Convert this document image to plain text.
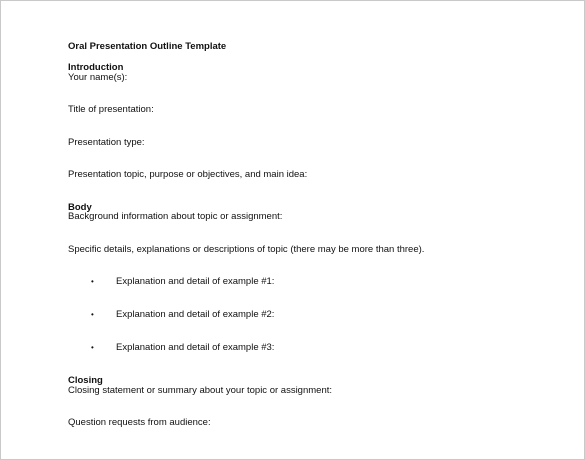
Oral Presentation Outline Template
Introduction
Your name(s):
Title of presentation:
Presentation type:
Presentation topic, purpose or objectives, and main idea:
Body
Background information about topic or assignment:
Specific details, explanations or descriptions of topic (there may be more than three).
• Explanation and detail of example #1:
• Explanation and detail of example #2:
• Explanation and detail of example #3:
Closing
Closing statement or summary about your topic or assignment:
Question requests from audience:
